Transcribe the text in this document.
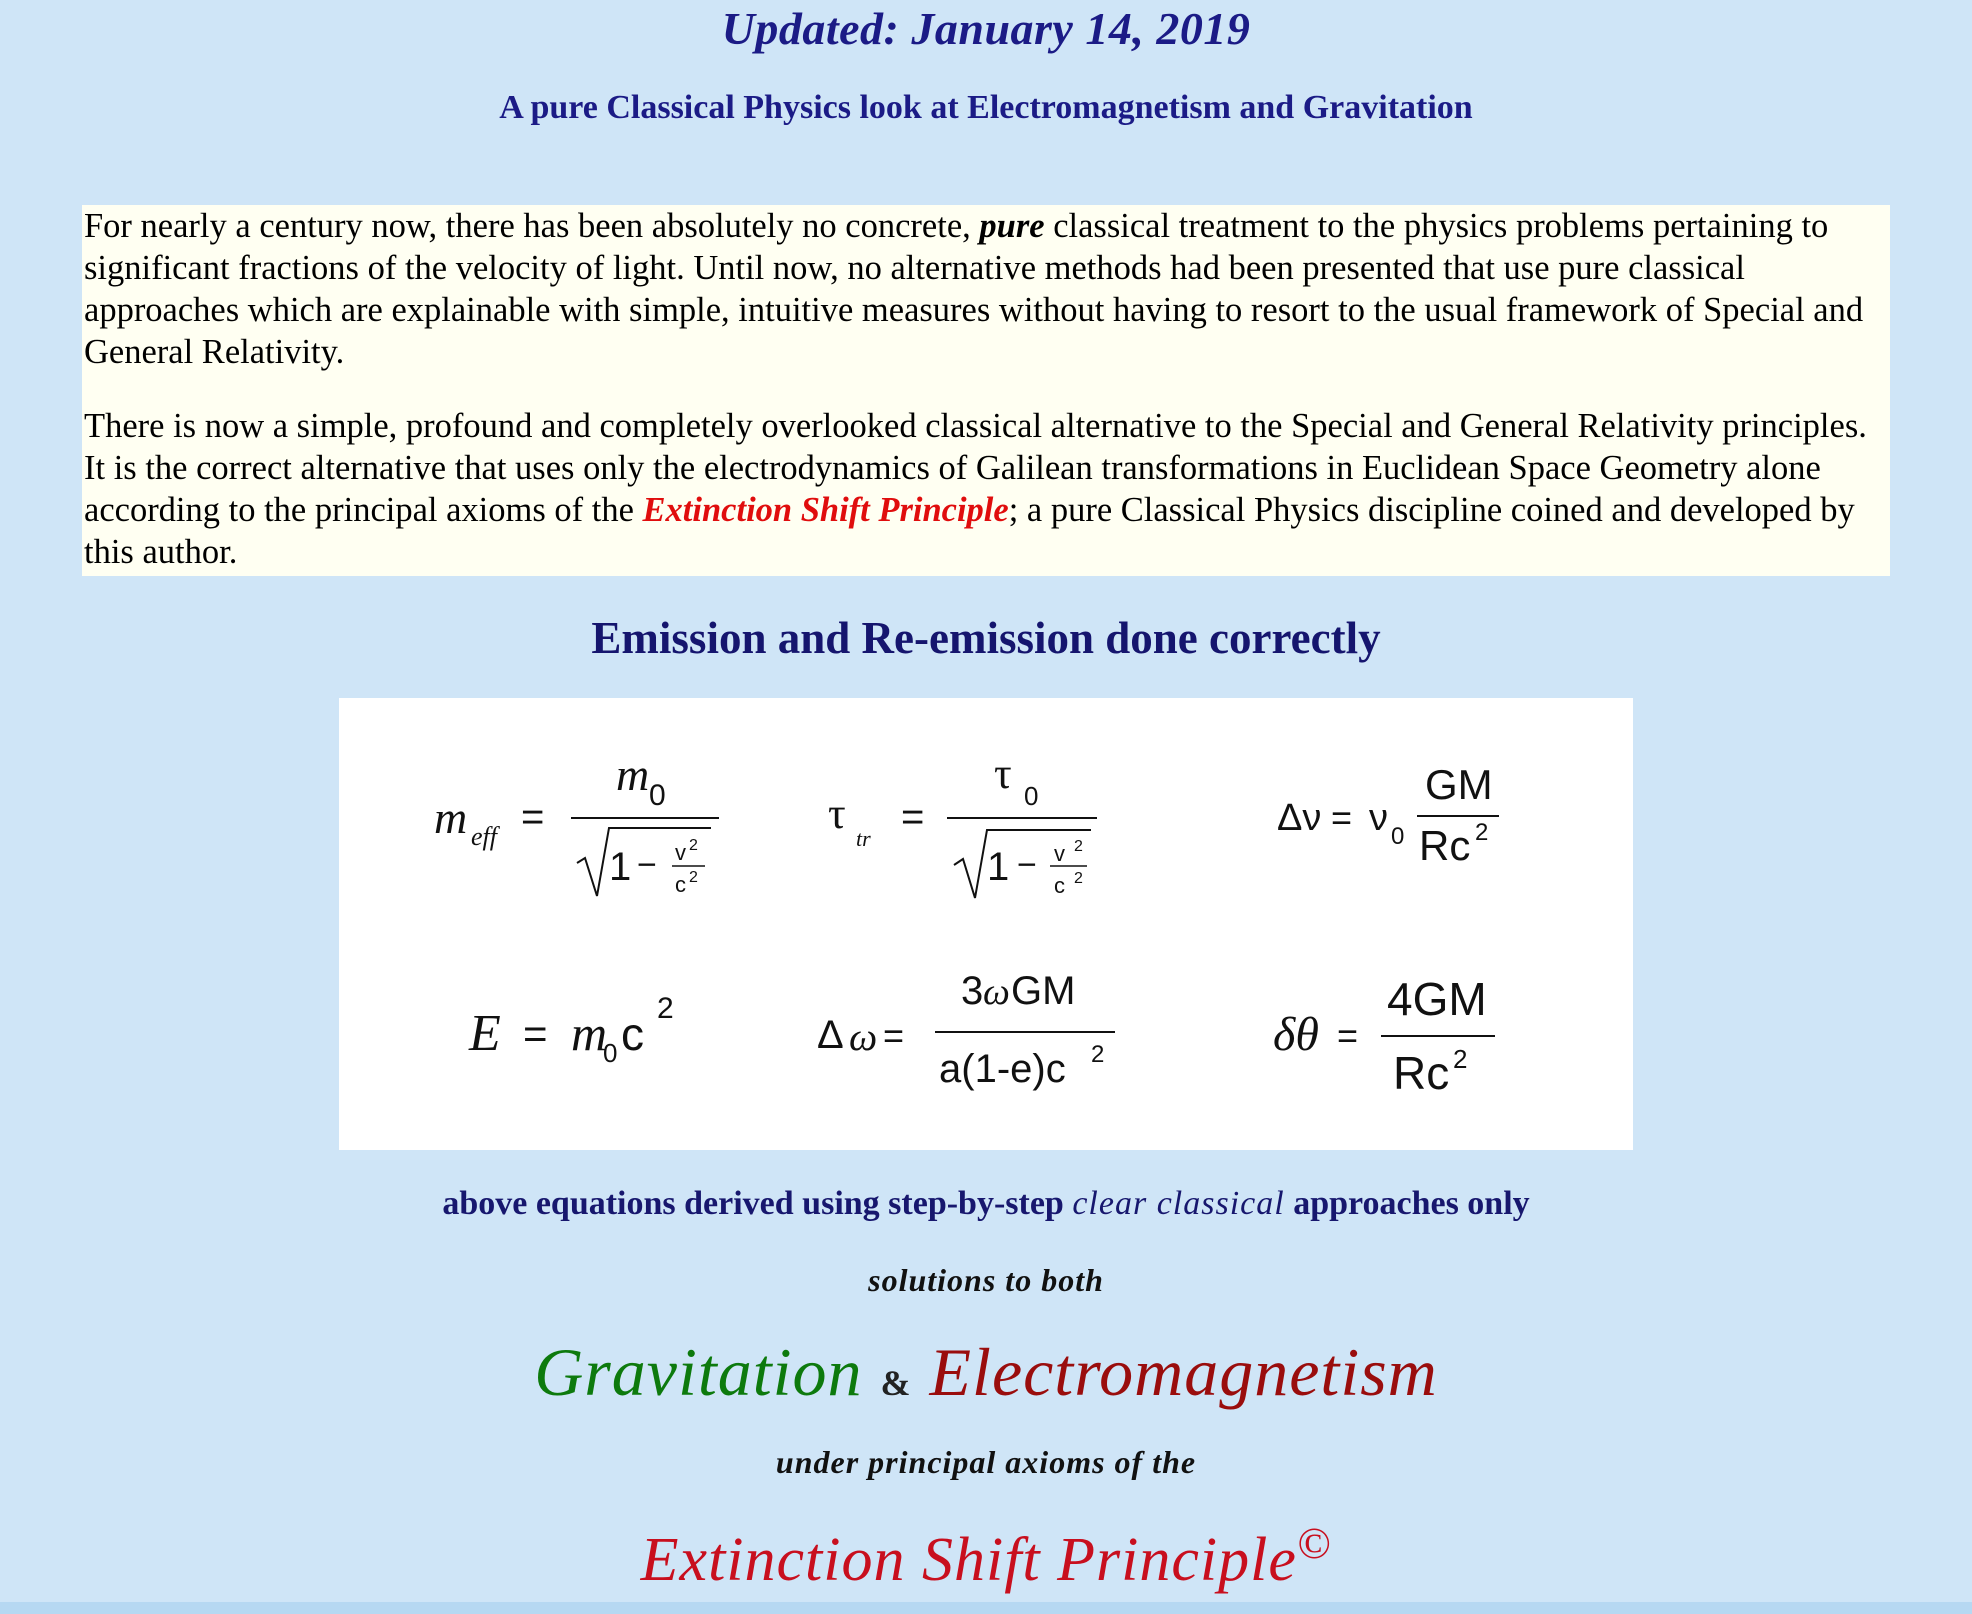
Updated: January 14, 2019
A pure Classical Physics look at Electromagnetism and Gravitation

For nearly a century now, there has been absolutely no concrete, pure classical treatment to the physics problems pertaining to significant fractions of the velocity of light. Until now, no alternative methods had been presented that use pure classical approaches which are explainable with simple, intuitive measures without having to resort to the usual framework of Special and General Relativity.

There is now a simple, profound and completely overlooked classical alternative to the Special and General Relativity principles. It is the correct alternative that uses only the electrodynamics of Galilean transformations in Euclidean Space Geometry alone according to the principal axioms of the Extinction Shift Principle; a pure Classical Physics discipline coined and developed by this author.

Emission and Re-emission done correctly
m eff =
m 0
1 − v 2
c 2
τ
tr =
τ 0
1 − v 2
c 2
Δν = ν 0
GM
Rc 2
E = m
0 c 2
Δ ω =
3 ω GM
a(1-e)c 2	δθ =
4GM
Rc 2
above equations derived using step-by-step clear classical approaches only
solutions to both
Gravitation & Electromagnetism
under principal axioms of the
Extinction Shift Principle©
